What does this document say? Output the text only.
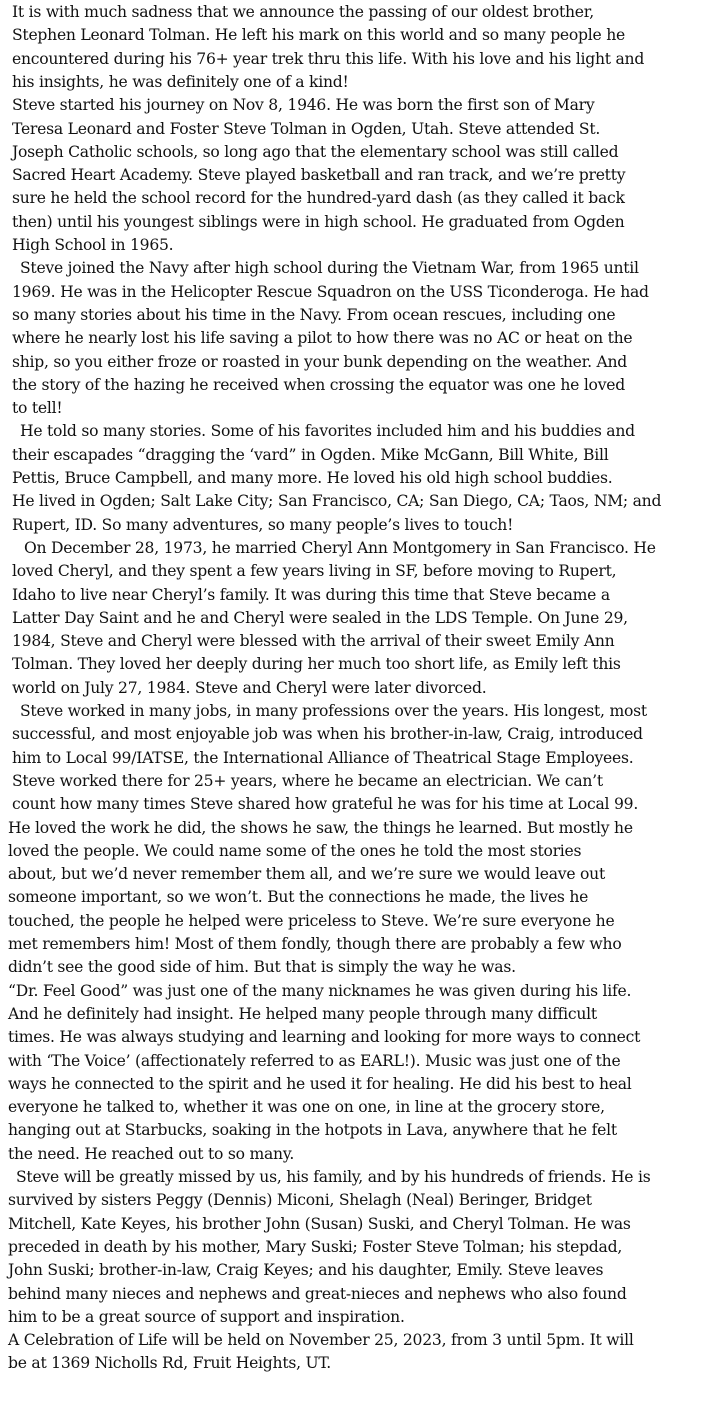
It is with much sadness that we announce the passing of our oldest brother,
Stephen Leonard Tolman. He left his mark on this world and so many people he
encountered during his 76+ year trek thru this life. With his love and his light and
his insights, he was definitely one of a kind!
Steve started his journey on Nov 8, 1946. He was born the first son of Mary
Teresa Leonard and Foster Steve Tolman in Ogden, Utah. Steve attended St.
Joseph Catholic schools, so long ago that the elementary school was still called
Sacred Heart Academy. Steve played basketball and ran track, and we’re pretty
sure he held the school record for the hundred-yard dash (as they called it back
then) until his youngest siblings were in high school. He graduated from Ogden
High School in 1965.
Steve joined the Navy after high school during the Vietnam War, from 1965 until
1969. He was in the Helicopter Rescue Squadron on the USS Ticonderoga. He had
so many stories about his time in the Navy. From ocean rescues, including one
where he nearly lost his life saving a pilot to how there was no AC or heat on the
ship, so you either froze or roasted in your bunk depending on the weather. And
the story of the hazing he received when crossing the equator was one he loved
to tell!
He told so many stories. Some of his favorites included him and his buddies and
their escapades “dragging the ‘vard” in Ogden. Mike McGann, Bill White, Bill
Pettis, Bruce Campbell, and many more. He loved his old high school buddies.
He lived in Ogden; Salt Lake City; San Francisco, CA; San Diego, CA; Taos, NM; and
Rupert, ID. So many adventures, so many people’s lives to touch!
On December 28, 1973, he married Cheryl Ann Montgomery in San Francisco. He
loved Cheryl, and they spent a few years living in SF, before moving to Rupert,
Idaho to live near Cheryl’s family. It was during this time that Steve became a
Latter Day Saint and he and Cheryl were sealed in the LDS Temple. On June 29,
1984, Steve and Cheryl were blessed with the arrival of their sweet Emily Ann
Tolman. They loved her deeply during her much too short life, as Emily left this
world on July 27, 1984. Steve and Cheryl were later divorced.
Steve worked in many jobs, in many professions over the years. His longest, most
successful, and most enjoyable job was when his brother-in-law, Craig, introduced
him to Local 99/IATSE, the International Alliance of Theatrical Stage Employees.
Steve worked there for 25+ years, where he became an electrician. We can’t
count how many times Steve shared how grateful he was for his time at Local 99.
He loved the work he did, the shows he saw, the things he learned. But mostly he
loved the people. We could name some of the ones he told the most stories
about, but we’d never remember them all, and we’re sure we would leave out
someone important, so we won’t. But the connections he made, the lives he
touched, the people he helped were priceless to Steve. We’re sure everyone he
met remembers him! Most of them fondly, though there are probably a few who
didn’t see the good side of him. But that is simply the way he was.
“Dr. Feel Good” was just one of the many nicknames he was given during his life.
And he definitely had insight. He helped many people through many difficult
times. He was always studying and learning and looking for more ways to connect
with ‘The Voice’ (affectionately referred to as EARL!). Music was just one of the
ways he connected to the spirit and he used it for healing. He did his best to heal
everyone he talked to, whether it was one on one, in line at the grocery store,
hanging out at Starbucks, soaking in the hotpots in Lava, anywhere that he felt
the need. He reached out to so many.
Steve will be greatly missed by us, his family, and by his hundreds of friends. He is
survived by sisters Peggy (Dennis) Miconi, Shelagh (Neal) Beringer, Bridget
Mitchell, Kate Keyes, his brother John (Susan) Suski, and Cheryl Tolman. He was
preceded in death by his mother, Mary Suski; Foster Steve Tolman; his stepdad,
John Suski; brother-in-law, Craig Keyes; and his daughter, Emily. Steve leaves
behind many nieces and nephews and great-nieces and nephews who also found
him to be a great source of support and inspiration.
A Celebration of Life will be held on November 25, 2023, from 3 until 5pm. It will
be at 1369 Nicholls Rd, Fruit Heights, UT.
